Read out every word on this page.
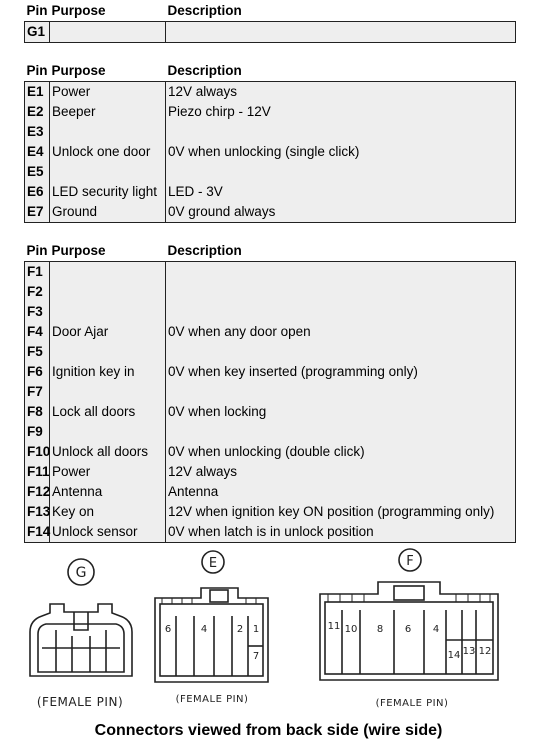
Pin	Purpose	Description
G1		
Pin	Purpose	Description
E1	Power	12V always
E2	Beeper	Piezo chirp - 12V
E3		
E4	Unlock one door	0V when unlocking (single click)
E5		
E6	LED security light	LED - 3V
E7	Ground	0V ground always
Pin	Purpose	Description
F1		
F2		
F3		
F4	Door Ajar	0V when any door open
F5		
F6	Ignition key in	0V when key inserted (programming only)
F7		
F8	Lock all doors	0V when locking
F9		
F10	Unlock all doors	0V when unlocking (double click)
F11	Power	12V always
F12	Antenna	Antenna
F13	Key on	12V when ignition key ON position (programming only)
F14	Unlock sensor	0V when latch is in unlock position
G
(FEMALE PIN)
E
6	4	2 1
7
(FEMALE PIN)
F
11 10 8 6 4
14 13 12
(FEMALE PIN)
Connectors viewed from back side (wire side)
